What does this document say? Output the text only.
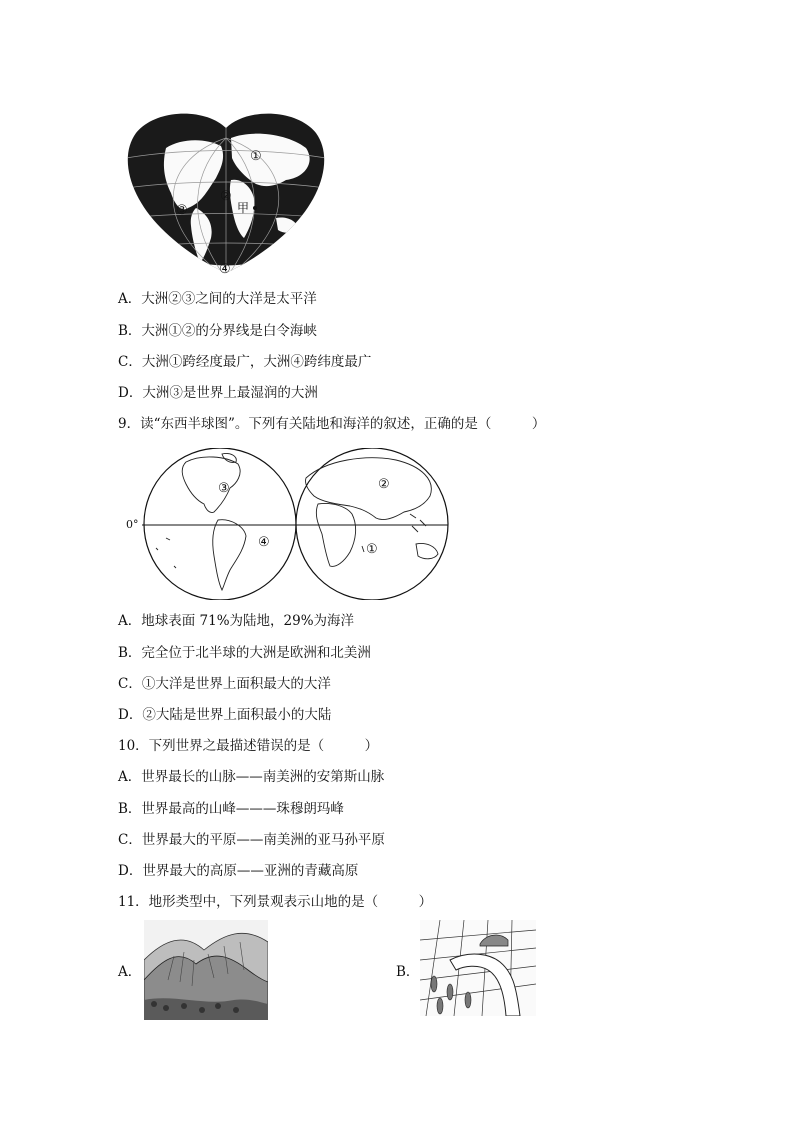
①
②
③
④
甲
A．大洲②③之间的大洋是太平洋
B．大洲①②的分界线是白令海峡
C．大洲①跨经度最广，大洲④跨纬度最广
D．大洲③是世界上最湿润的大洲
9．读“东西半球图”。下列有关陆地和海洋的叙述，正确的是（　　　）
0°
③
④
②
①
A．地球表面 71%为陆地，29%为海洋
B．完全位于北半球的大洲是欧洲和北美洲
C．①大洋是世界上面积最大的大洋
D．②大陆是世界上面积最小的大陆
10．下列世界之最描述错误的是（　　　）
A．世界最长的山脉——南美洲的安第斯山脉
B．世界最高的山峰———珠穆朗玛峰
C．世界最大的平原——南美洲的亚马孙平原
D．世界最大的高原——亚洲的青藏高原
11．地形类型中，下列景观表示山地的是（　　　）
A．	B．
